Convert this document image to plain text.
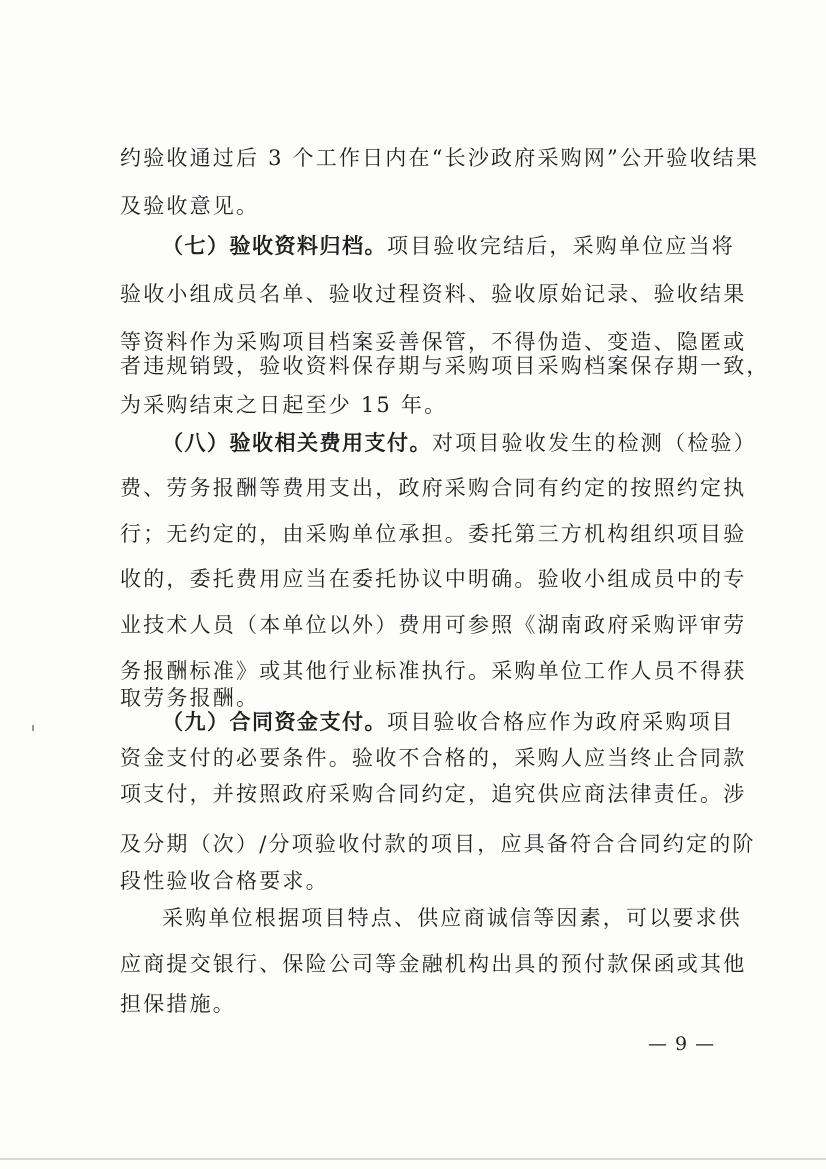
约验收通过后 3 个工作日内在“长沙政府采购网”公开验收结果
及验收意见。
（七）验收资料归档。项目验收完结后，采购单位应当将
验收小组成员名单、验收过程资料、验收原始记录、验收结果
等资料作为采购项目档案妥善保管，不得伪造、变造、隐匿或
者违规销毁，验收资料保存期与采购项目采购档案保存期一致，
为采购结束之日起至少 15 年。
（八）验收相关费用支付。对项目验收发生的检测（检验）
费、劳务报酬等费用支出，政府采购合同有约定的按照约定执
行；无约定的，由采购单位承担。委托第三方机构组织项目验
收的，委托费用应当在委托协议中明确。验收小组成员中的专
业技术人员（本单位以外）费用可参照《湖南政府采购评审劳
务报酬标准》或其他行业标准执行。采购单位工作人员不得获
取劳务报酬。
（九）合同资金支付。项目验收合格应作为政府采购项目
资金支付的必要条件。验收不合格的，采购人应当终止合同款
项支付，并按照政府采购合同约定，追究供应商法律责任。涉
及分期（次）/分项验收付款的项目，应具备符合合同约定的阶
段性验收合格要求。
采购单位根据项目特点、供应商诚信等因素，可以要求供
应商提交银行、保险公司等金融机构出具的预付款保函或其他
担保措施。
— 9 —
